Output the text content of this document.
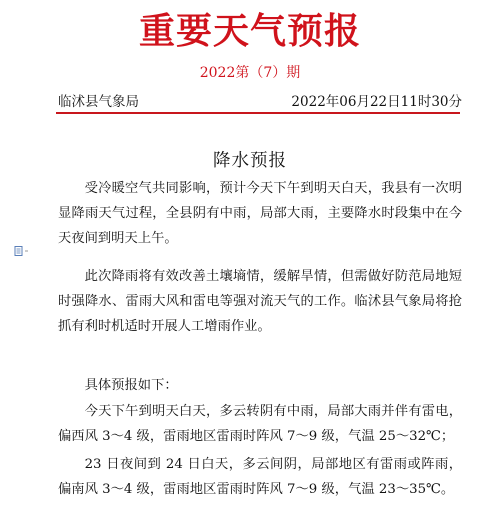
重要天气预报
2022第（7）期
临沭县气象局	2022年06月22日11时30分
降水预报

受冷暖空气共同影响，预计今天下午到明天白天，我县有一次明显降雨天气过程，全县阴有中雨，局部大雨，主要降水时段集中在今天夜间到明天上午。

此次降雨将有效改善土壤墒情，缓解旱情，但需做好防范局地短时强降水、雷雨大风和雷电等强对流天气的工作。临沭县气象局将抢抓有利时机适时开展人工增雨作业。

具体预报如下：

今天下午到明天白天，多云转阴有中雨，局部大雨并伴有雷电，偏西风 3～4 级，雷雨地区雷雨时阵风 7～9 级，气温 25～32℃；

23 日夜间到 24 日白天，多云间阴，局部地区有雷雨或阵雨，偏南风 3～4 级，雷雨地区雷雨时阵风 7～9 级，气温 23～35℃。
